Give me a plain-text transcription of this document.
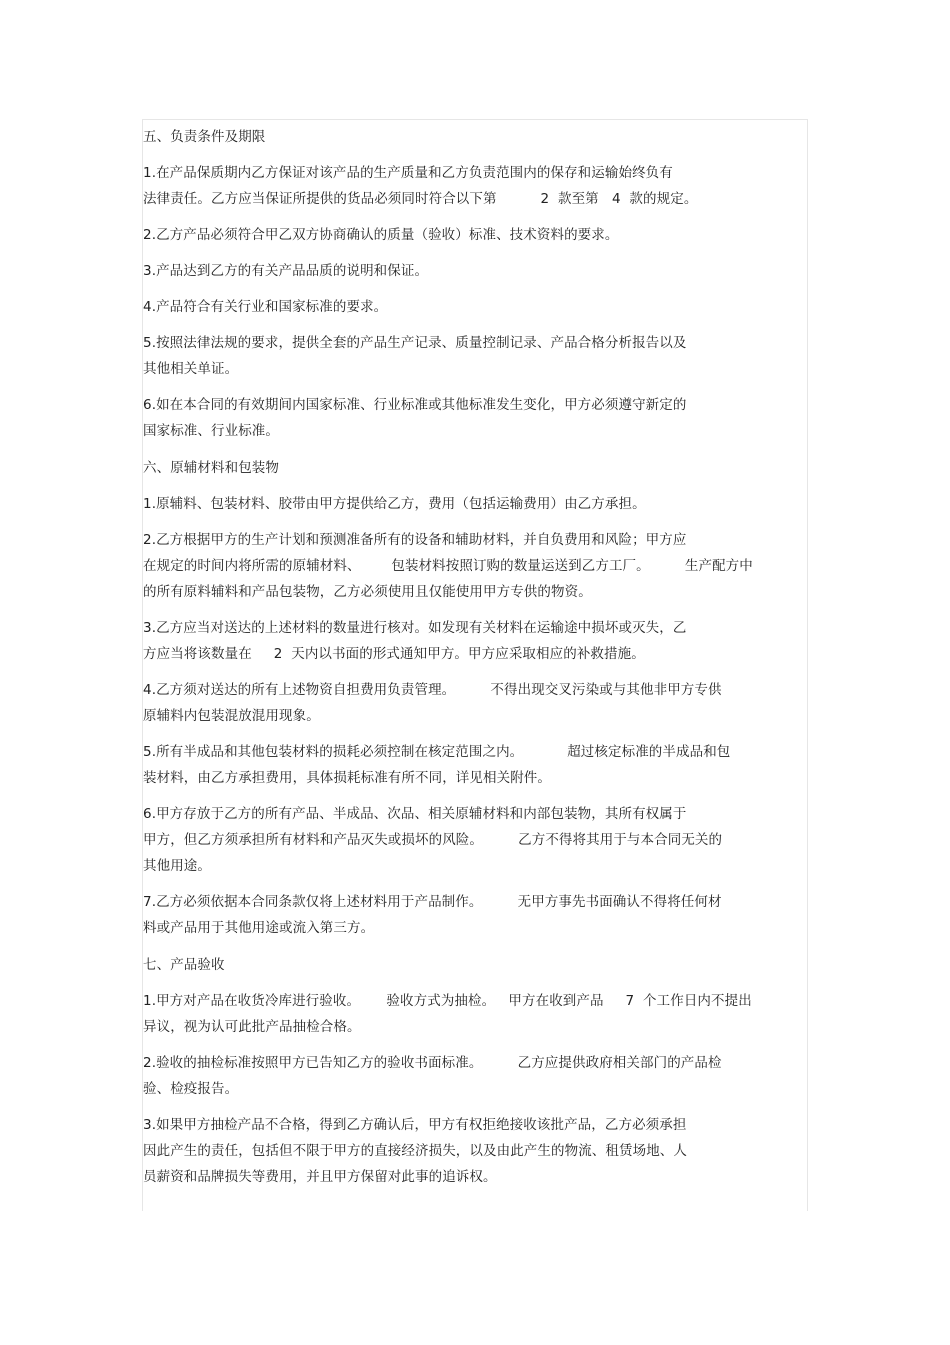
五、负责条件及期限
1.在产品保质期内乙方保证对该产品的生产质量和乙方负责范围内的保存和运输始终负有
法律责任。乙方应当保证所提供的货品必须同时符合以下第          2  款至第   4  款的规定。
2.乙方产品必须符合甲乙双方协商确认的质量（验收）标准、技术资料的要求。
3.产品达到乙方的有关产品品质的说明和保证。
4.产品符合有关行业和国家标准的要求。
5.按照法律法规的要求，提供全套的产品生产记录、质量控制记录、产品合格分析报告以及
其他相关单证。
6.如在本合同的有效期间内国家标准、行业标准或其他标准发生变化，甲方必须遵守新定的
国家标准、行业标准。
六、原辅材料和包装物
1.原辅料、包装材料、胶带由甲方提供给乙方，费用（包括运输费用）由乙方承担。
2.乙方根据甲方的生产计划和预测准备所有的设备和辅助材料，并自负费用和风险；甲方应
在规定的时间内将所需的原辅材料、       包装材料按照订购的数量运送到乙方工厂。        生产配方中
的所有原料辅料和产品包装物，乙方必须使用且仅能使用甲方专供的物资。
3.乙方应当对送达的上述材料的数量进行核对。如发现有关材料在运输途中损坏或灭失，乙
方应当将该数量在     2  天内以书面的形式通知甲方。甲方应采取相应的补救措施。
4.乙方须对送达的所有上述物资自担费用负责管理。        不得出现交叉污染或与其他非甲方专供
原辅料内包装混放混用现象。
5.所有半成品和其他包装材料的损耗必须控制在核定范围之内。          超过核定标准的半成品和包
装材料，由乙方承担费用，具体损耗标准有所不同，详见相关附件。
6.甲方存放于乙方的所有产品、半成品、次品、相关原辅材料和内部包装物，其所有权属于
甲方，但乙方须承担所有材料和产品灭失或损坏的风险。        乙方不得将其用于与本合同无关的
其他用途。
7.乙方必须依据本合同条款仅将上述材料用于产品制作。        无甲方事先书面确认不得将任何材
料或产品用于其他用途或流入第三方。
七、产品验收
1.甲方对产品在收货冷库进行验收。      验收方式为抽检。   甲方在收到产品     7  个工作日内不提出
异议，视为认可此批产品抽检合格。
2.验收的抽检标准按照甲方已告知乙方的验收书面标准。        乙方应提供政府相关部门的产品检
验、检疫报告。
3.如果甲方抽检产品不合格，得到乙方确认后，甲方有权拒绝接收该批产品，乙方必须承担
因此产生的责任，包括但不限于甲方的直接经济损失，以及由此产生的物流、租赁场地、人
员薪资和品牌损失等费用，并且甲方保留对此事的追诉权。
